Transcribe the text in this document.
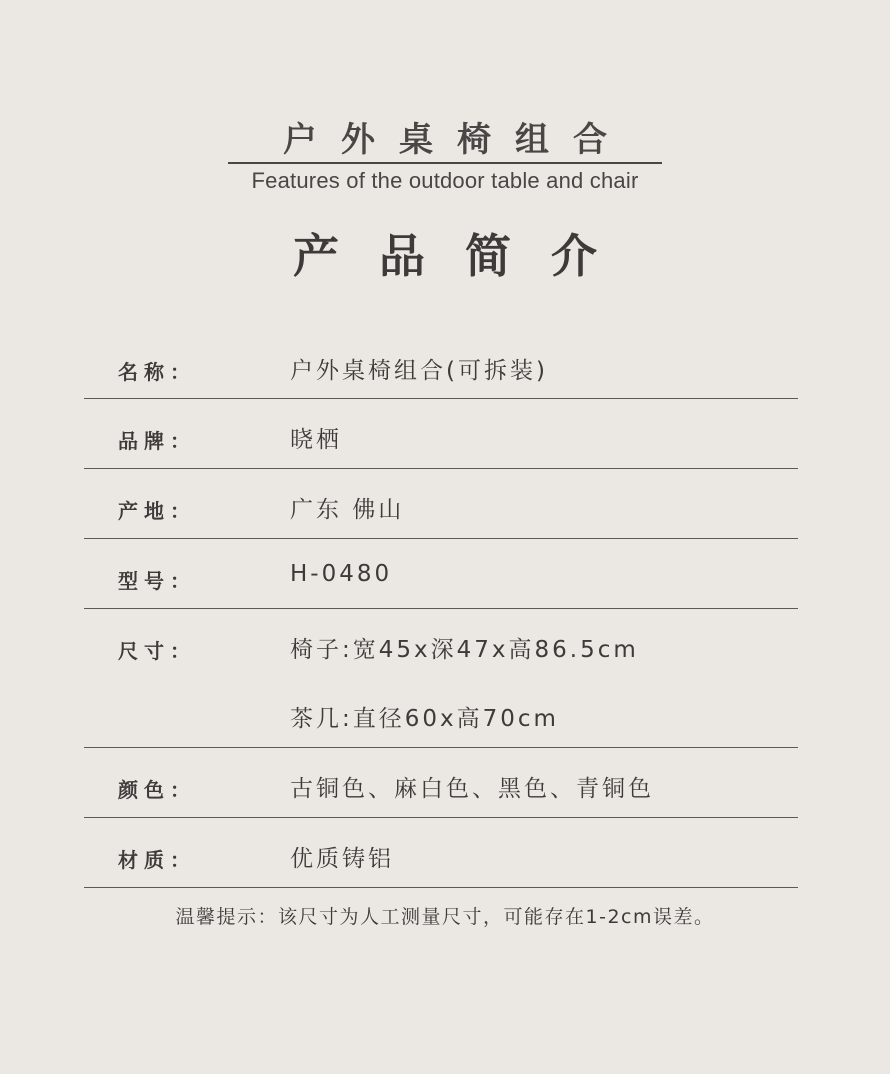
户外桌椅组合
Features of the outdoor table and chair
产品简介
名称：	户外桌椅组合(可拆装)
品牌：	晓栖
产地：	广东 佛山
型号：	H-0480
尺寸：	椅子:宽45x深47x高86.5cm
茶几:直径60x高70cm
颜色：	古铜色、麻白色、黑色、青铜色
材质：	优质铸铝
温馨提示：该尺寸为人工测量尺寸，可能存在1-2cm误差。
